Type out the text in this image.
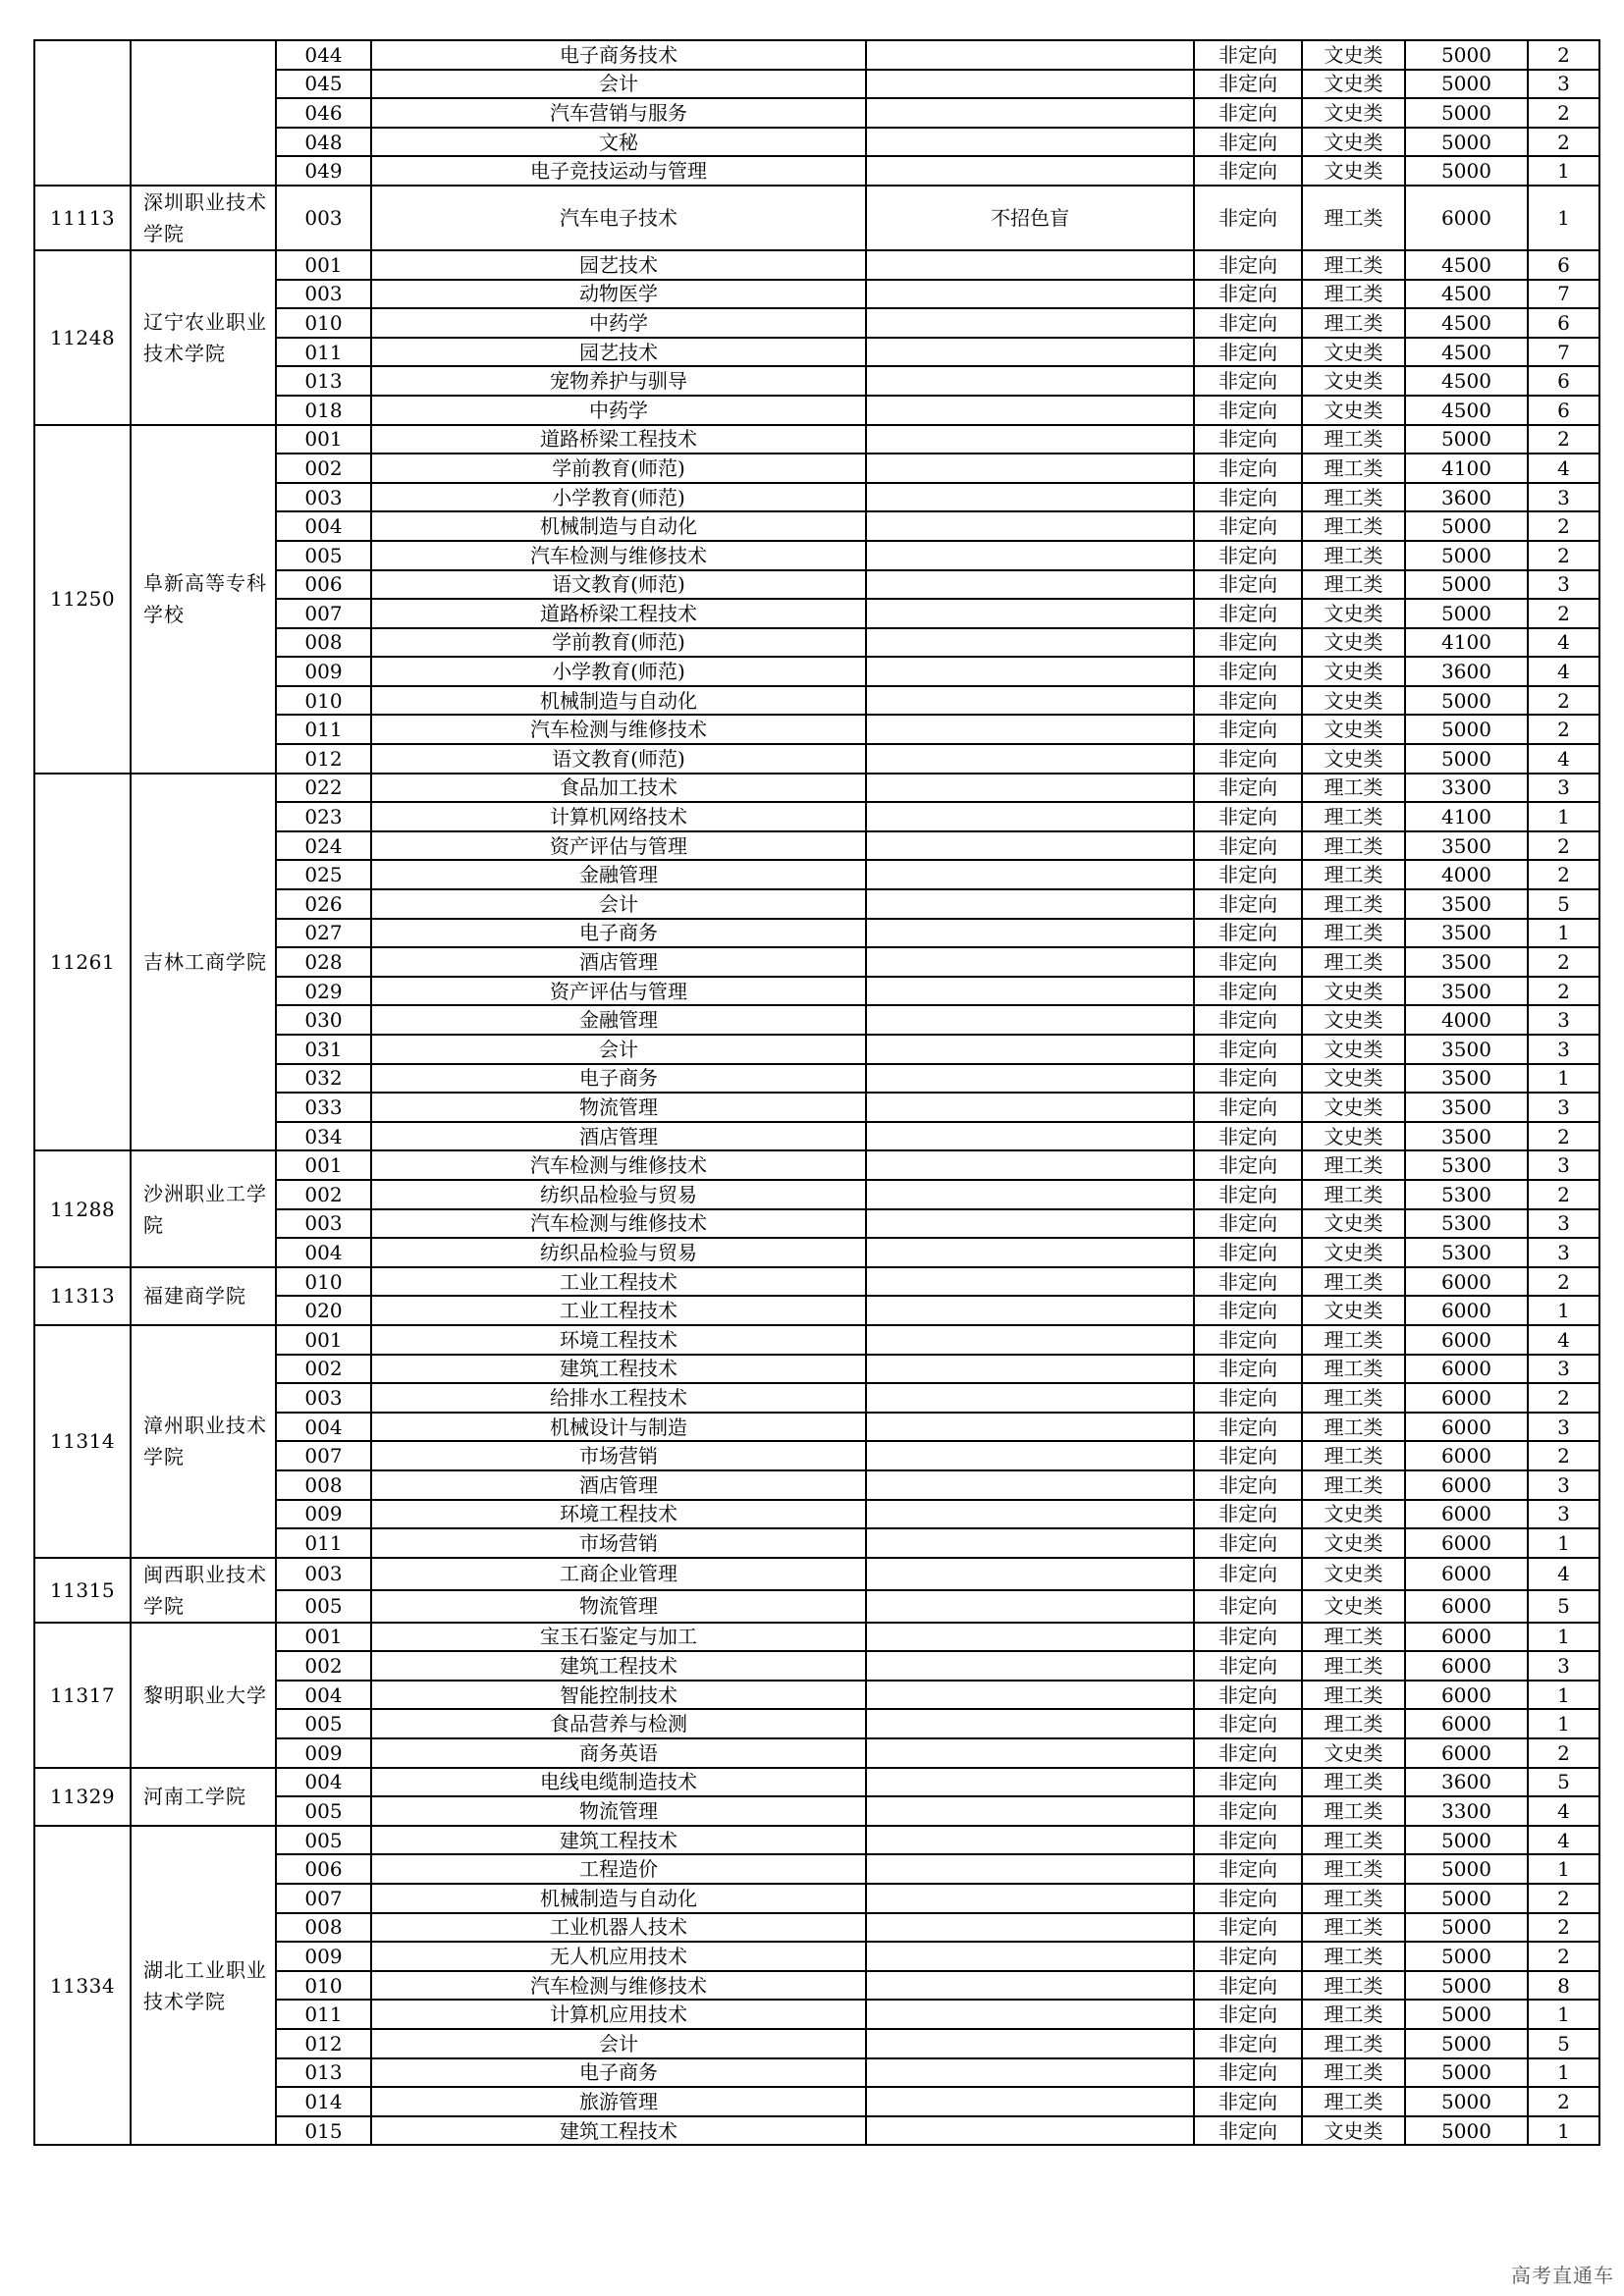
		044	电子商务技术		非定向	文史类	5000	2
		045	会计		非定向	文史类	5000	3
		046	汽车营销与服务		非定向	文史类	5000	2
		048	文秘		非定向	文史类	5000	2
		049	电子竞技运动与管理		非定向	文史类	5000	1
11113	深圳职业技术学院	003	汽车电子技术	不招色盲	非定向	理工类	6000	1
11248	辽宁农业职业技术学院	001	园艺技术		非定向	理工类	4500	6
		003	动物医学		非定向	理工类	4500	7
		010	中药学		非定向	理工类	4500	6
		011	园艺技术		非定向	文史类	4500	7
		013	宠物养护与驯导		非定向	文史类	4500	6
		018	中药学		非定向	文史类	4500	6
11250	阜新高等专科学校	001	道路桥梁工程技术		非定向	理工类	5000	2
		002	学前教育(师范)		非定向	理工类	4100	4
		003	小学教育(师范)		非定向	理工类	3600	3
		004	机械制造与自动化		非定向	理工类	5000	2
		005	汽车检测与维修技术		非定向	理工类	5000	2
		006	语文教育(师范)		非定向	理工类	5000	3
		007	道路桥梁工程技术		非定向	文史类	5000	2
		008	学前教育(师范)		非定向	文史类	4100	4
		009	小学教育(师范)		非定向	文史类	3600	4
		010	机械制造与自动化		非定向	文史类	5000	2
		011	汽车检测与维修技术		非定向	文史类	5000	2
		012	语文教育(师范)		非定向	文史类	5000	4
11261	吉林工商学院	022	食品加工技术		非定向	理工类	3300	3
		023	计算机网络技术		非定向	理工类	4100	1
		024	资产评估与管理		非定向	理工类	3500	2
		025	金融管理		非定向	理工类	4000	2
		026	会计		非定向	理工类	3500	5
		027	电子商务		非定向	理工类	3500	1
		028	酒店管理		非定向	理工类	3500	2
		029	资产评估与管理		非定向	文史类	3500	2
		030	金融管理		非定向	文史类	4000	3
		031	会计		非定向	文史类	3500	3
		032	电子商务		非定向	文史类	3500	1
		033	物流管理		非定向	文史类	3500	3
		034	酒店管理		非定向	文史类	3500	2
11288	沙洲职业工学院	001	汽车检测与维修技术		非定向	理工类	5300	3
		002	纺织品检验与贸易		非定向	理工类	5300	2
		003	汽车检测与维修技术		非定向	文史类	5300	3
		004	纺织品检验与贸易		非定向	文史类	5300	3
11313	福建商学院	010	工业工程技术		非定向	理工类	6000	2
		020	工业工程技术		非定向	文史类	6000	1
11314	漳州职业技术学院	001	环境工程技术		非定向	理工类	6000	4
		002	建筑工程技术		非定向	理工类	6000	3
		003	给排水工程技术		非定向	理工类	6000	2
		004	机械设计与制造		非定向	理工类	6000	3
		007	市场营销		非定向	理工类	6000	2
		008	酒店管理		非定向	理工类	6000	3
		009	环境工程技术		非定向	文史类	6000	3
		011	市场营销		非定向	文史类	6000	1
11315	闽西职业技术学院	003	工商企业管理		非定向	文史类	6000	4
		005	物流管理		非定向	文史类	6000	5
11317	黎明职业大学	001	宝玉石鉴定与加工		非定向	理工类	6000	1
		002	建筑工程技术		非定向	理工类	6000	3
		004	智能控制技术		非定向	理工类	6000	1
		005	食品营养与检测		非定向	理工类	6000	1
		009	商务英语		非定向	文史类	6000	2
11329	河南工学院	004	电线电缆制造技术		非定向	理工类	3600	5
		005	物流管理		非定向	理工类	3300	4
11334	湖北工业职业技术学院	005	建筑工程技术		非定向	理工类	5000	4
		006	工程造价		非定向	理工类	5000	1
		007	机械制造与自动化		非定向	理工类	5000	2
		008	工业机器人技术		非定向	理工类	5000	2
		009	无人机应用技术		非定向	理工类	5000	2
		010	汽车检测与维修技术		非定向	理工类	5000	8
		011	计算机应用技术		非定向	理工类	5000	1
		012	会计		非定向	理工类	5000	5
		013	电子商务		非定向	理工类	5000	1
		014	旅游管理		非定向	理工类	5000	2
		015	建筑工程技术		非定向	文史类	5000	1
高考直通车
